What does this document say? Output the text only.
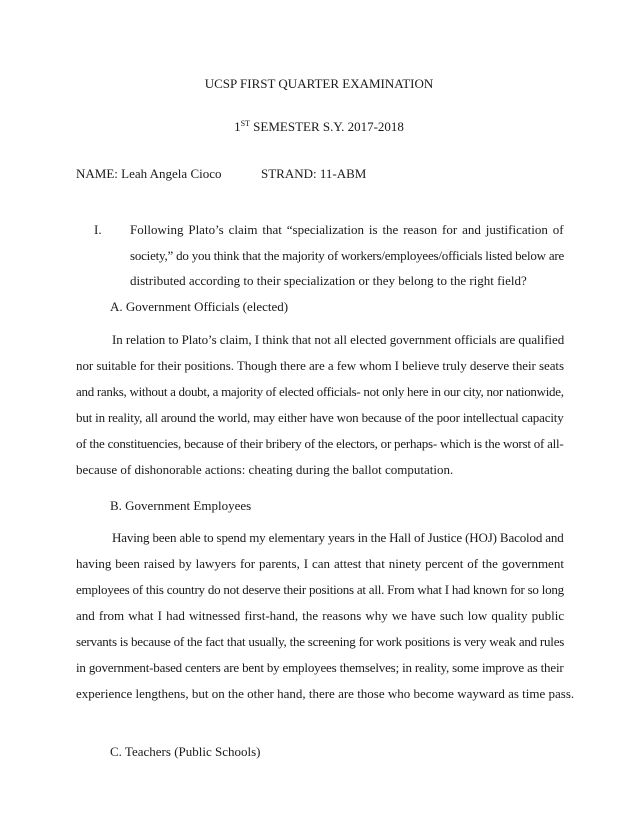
UCSP FIRST QUARTER EXAMINATION
1ST SEMESTER S.Y. 2017-2018
NAME: Leah Angela Cioco	STRAND: 11-ABM
I. Following Plato’s claim that “specialization is the reason for and justification of
society,” do you think that the majority of workers/employees/officials listed below are
distributed according to their specialization or they belong to the right field?
A. Government Officials (elected)
In relation to Plato’s claim, I think that not all elected government officials are qualified
nor suitable for their positions. Though there are a few whom I believe truly deserve their seats
and ranks, without a doubt, a majority of elected officials- not only here in our city, nor nationwide,
but in reality, all around the world, may either have won because of the poor intellectual capacity
of the constituencies, because of their bribery of the electors, or perhaps- which is the worst of all-
because of dishonorable actions: cheating during the ballot computation.
B. Government Employees
Having been able to spend my elementary years in the Hall of Justice (HOJ) Bacolod and
having been raised by lawyers for parents, I can attest that ninety percent of the government
employees of this country do not deserve their positions at all. From what I had known for so long
and from what I had witnessed first-hand, the reasons why we have such low quality public
servants is because of the fact that usually, the screening for work positions is very weak and rules
in government-based centers are bent by employees themselves; in reality, some improve as their
experience lengthens, but on the other hand, there are those who become wayward as time pass.
C. Teachers (Public Schools)
